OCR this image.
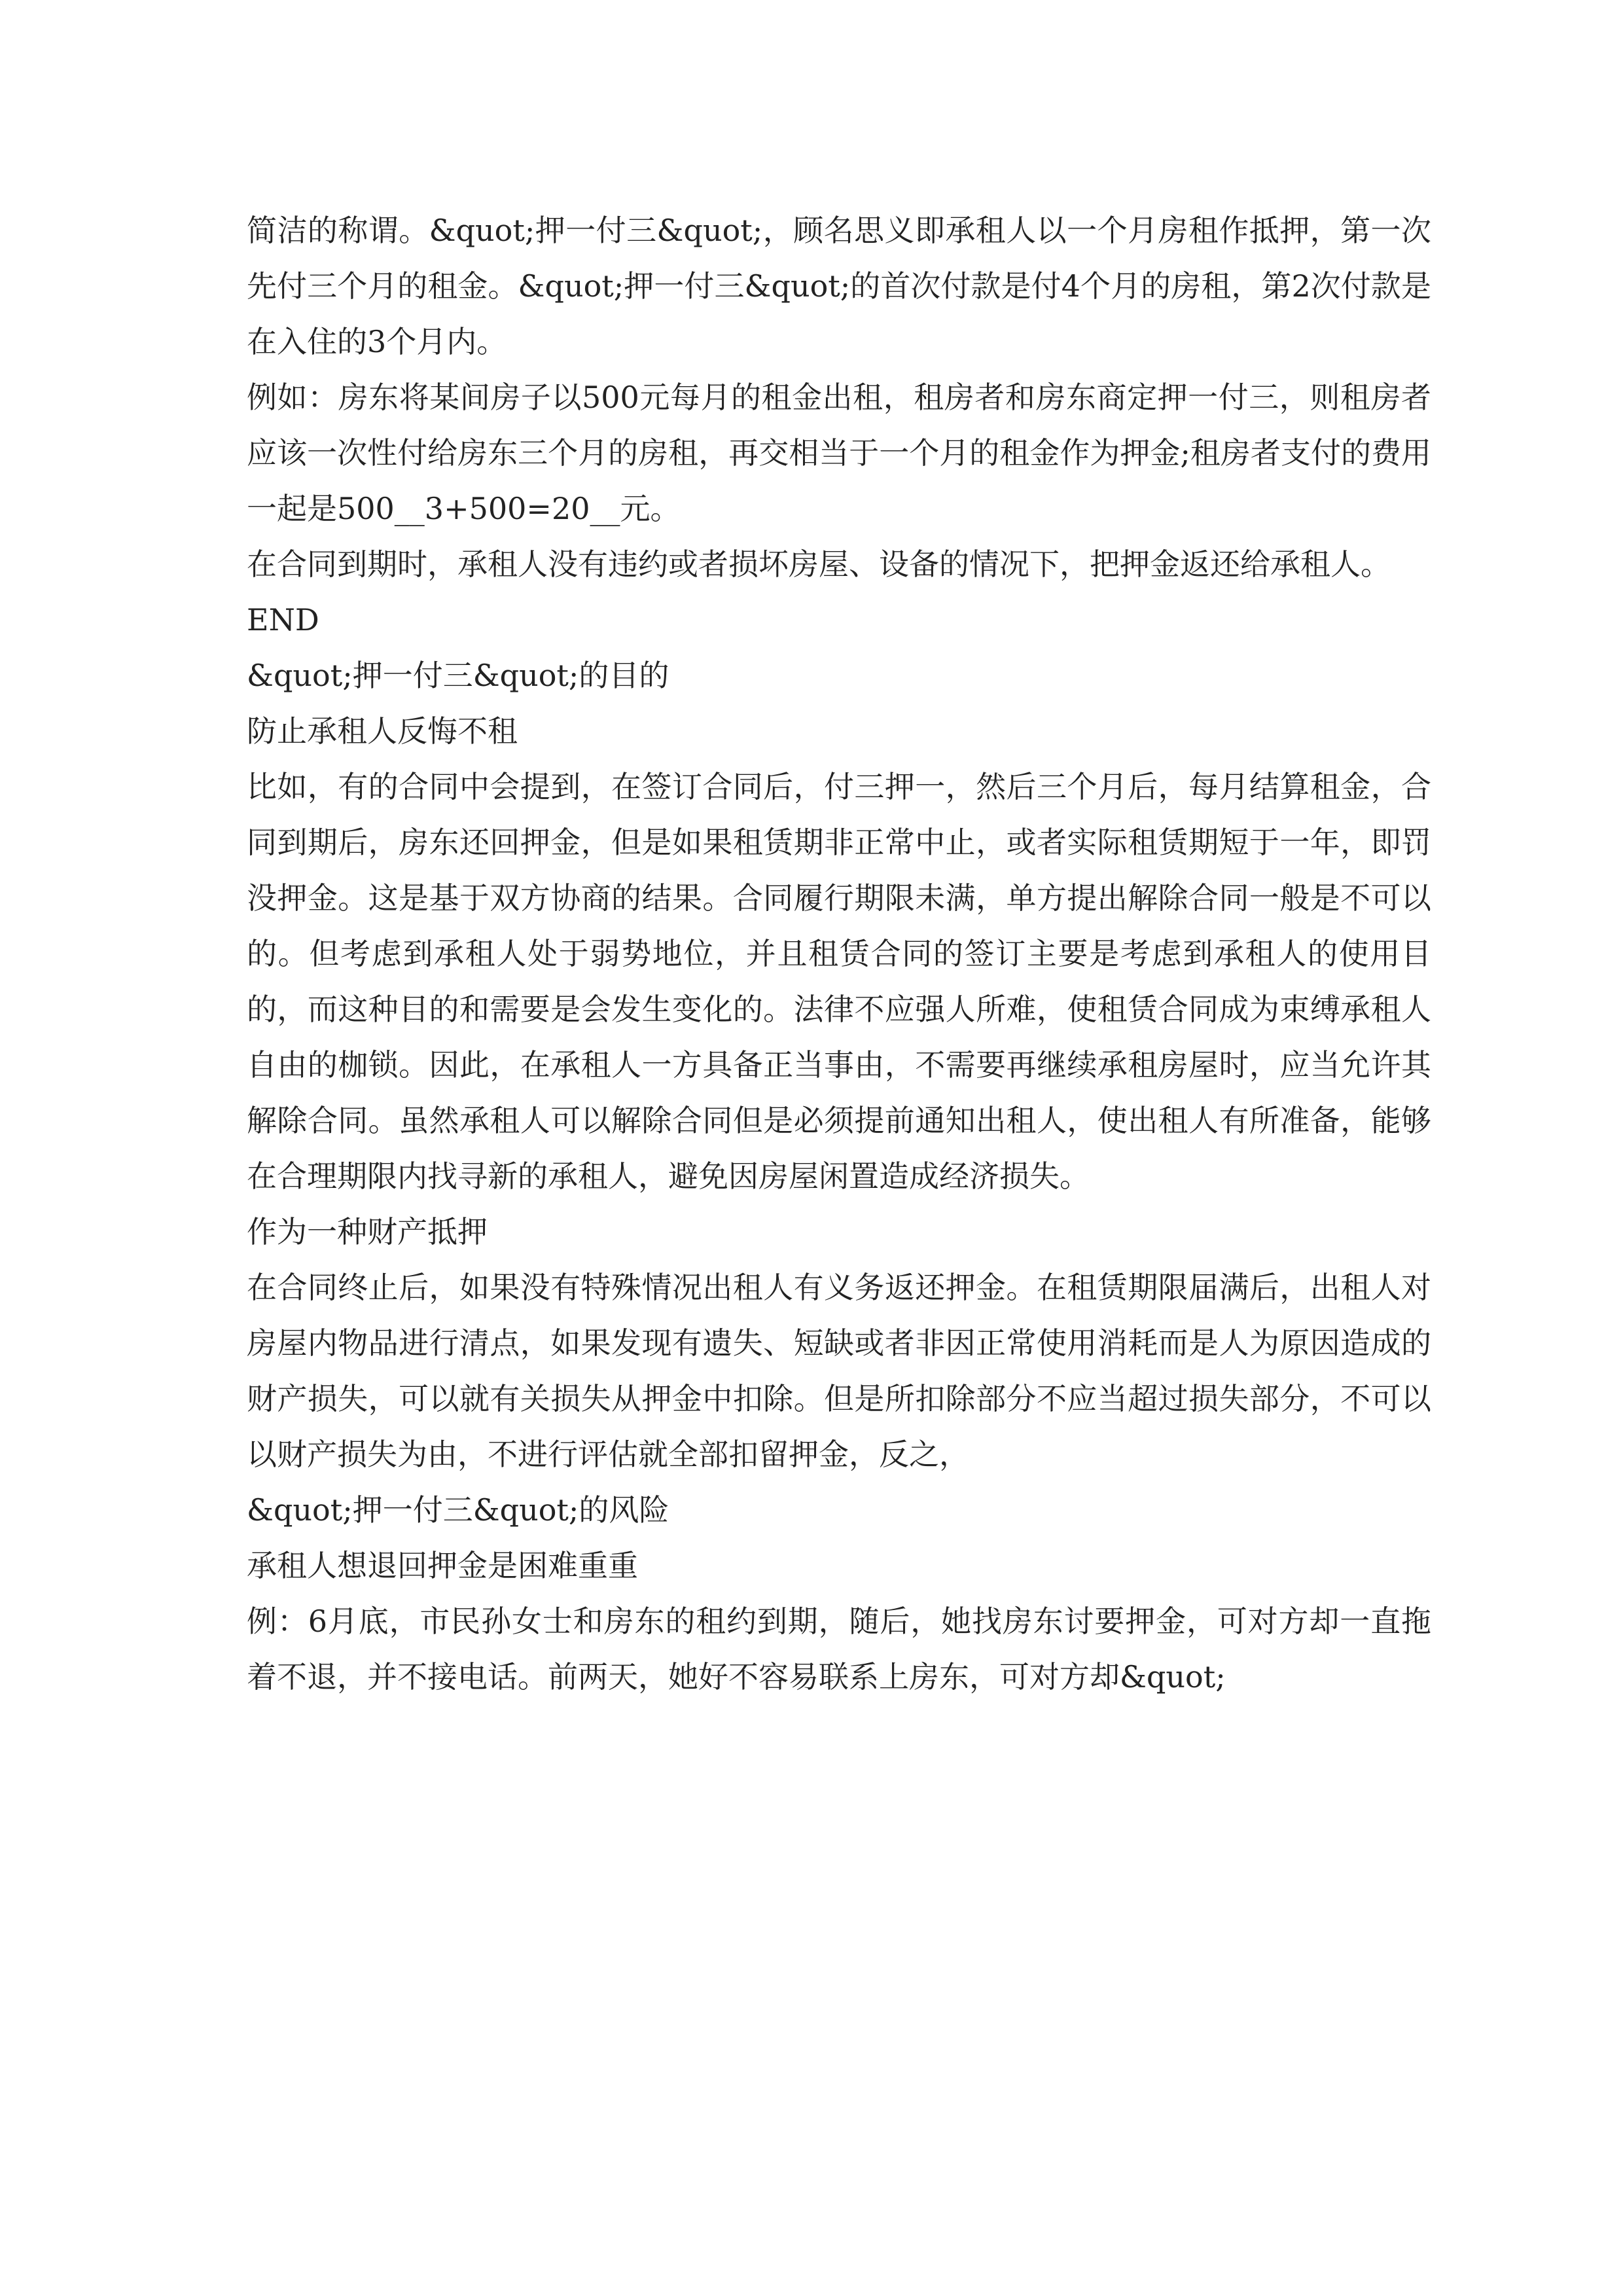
简洁的称谓。&quot;押一付三&quot;，顾名思义即承租人以一个月房租作抵押，第一次先付三个月的租金。&quot;押一付三&quot;的首次付款是付4个月的房租，第2次付款是在入住的3个月内。

例如：房东将某间房子以500元每月的租金出租，租房者和房东商定押一付三，则租房者应该一次性付给房东三个月的房租，再交相当于一个月的租金作为押金;租房者支付的费用一起是500__3+500=20__元。

在合同到期时，承租人没有违约或者损坏房屋、设备的情况下，把押金返还给承租人。

END

&quot;押一付三&quot;的目的

防止承租人反悔不租

比如，有的合同中会提到，在签订合同后，付三押一，然后三个月后，每月结算租金，合同到期后，房东还回押金，但是如果租赁期非正常中止，或者实际租赁期短于一年，即罚没押金。这是基于双方协商的结果。合同履行期限未满，单方提出解除合同一般是不可以的。但考虑到承租人处于弱势地位，并且租赁合同的签订主要是考虑到承租人的使用目的，而这种目的和需要是会发生变化的。法律不应强人所难，使租赁合同成为束缚承租人自由的枷锁。因此，在承租人一方具备正当事由，不需要再继续承租房屋时，应当允许其解除合同。虽然承租人可以解除合同但是必须提前通知出租人，使出租人有所准备，能够在合理期限内找寻新的承租人，避免因房屋闲置造成经济损失。

作为一种财产抵押

在合同终止后，如果没有特殊情况出租人有义务返还押金。在租赁期限届满后，出租人对房屋内物品进行清点，如果发现有遗失、短缺或者非因正常使用消耗而是人为原因造成的财产损失，可以就有关损失从押金中扣除。但是所扣除部分不应当超过损失部分，不可以以财产损失为由，不进行评估就全部扣留押金，反之，

&quot;押一付三&quot;的风险

承租人想退回押金是困难重重

例：6月底，市民孙女士和房东的租约到期，随后，她找房东讨要押金，可对方却一直拖着不退，并不接电话。前两天，她好不容易联系上房东，可对方却&quot;
